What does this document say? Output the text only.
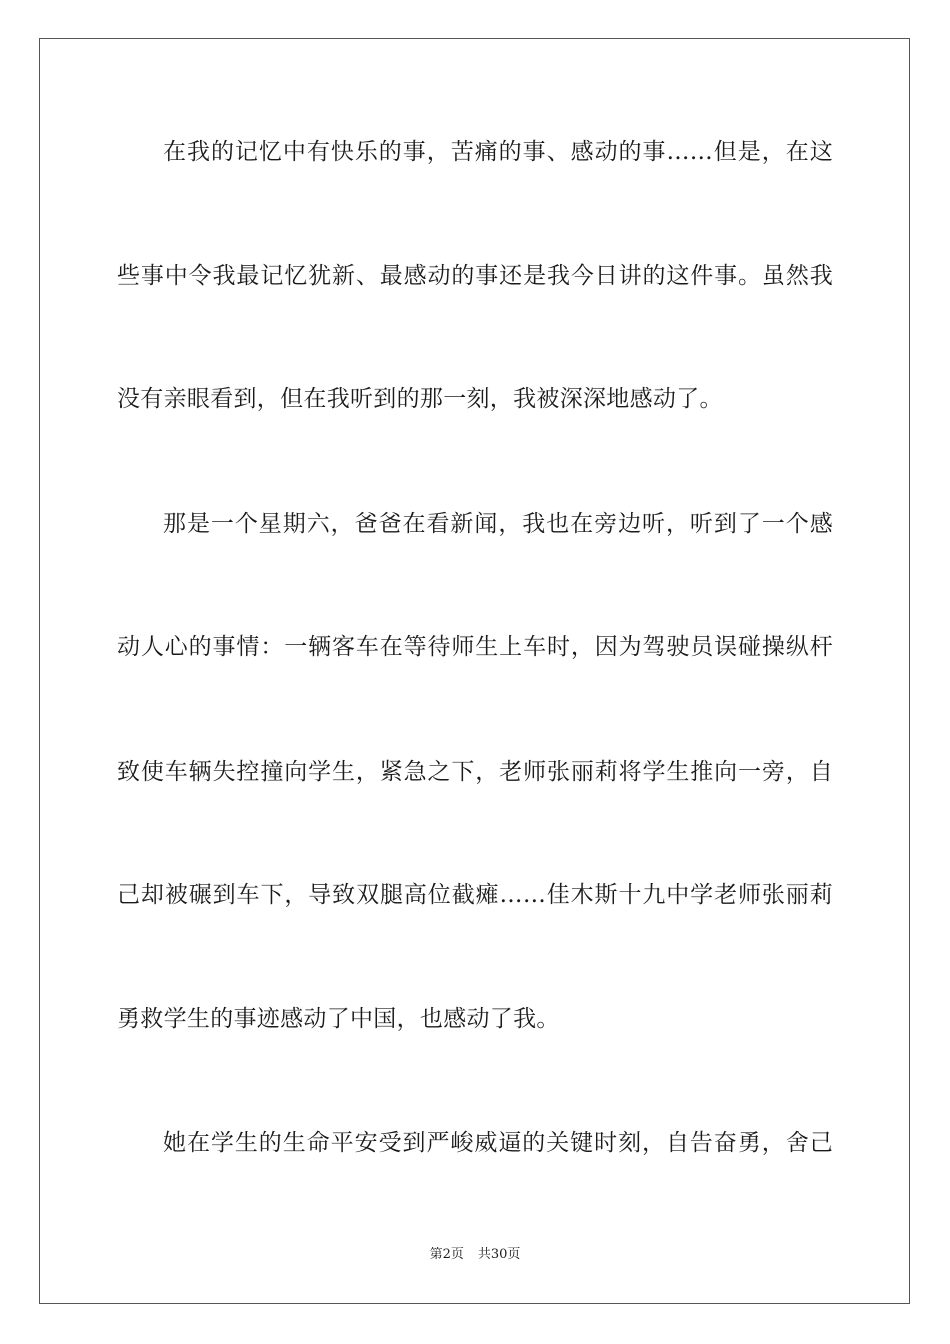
在我的记忆中有快乐的事，苦痛的事、感动的事……但是，在这
些事中令我最记忆犹新、最感动的事还是我今日讲的这件事。虽然我
没有亲眼看到，但在我听到的那一刻，我被深深地感动了。
那是一个星期六，爸爸在看新闻，我也在旁边听，听到了一个感
动人心的事情：一辆客车在等待师生上车时，因为驾驶员误碰操纵杆
致使车辆失控撞向学生，紧急之下，老师张丽莉将学生推向一旁，自
己却被碾到车下，导致双腿高位截瘫……佳木斯十九中学老师张丽莉
勇救学生的事迹感动了中国，也感动了我。
她在学生的生命平安受到严峻威逼的关键时刻，自告奋勇，舍己
第2页 共30页
